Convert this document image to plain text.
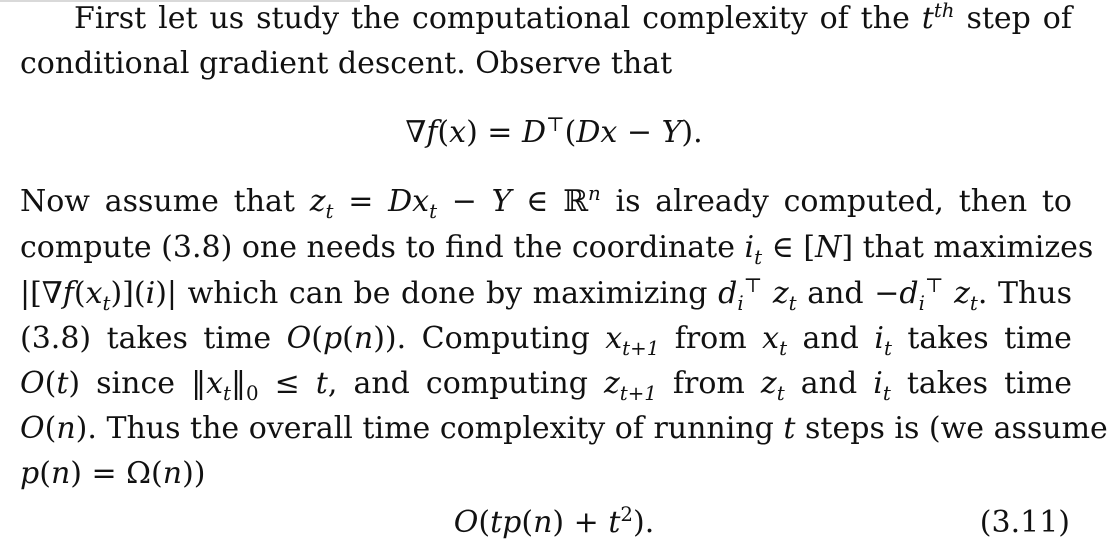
First let us study the computational complexity of the $t^{th}$ step of
conditional gradient descent. Observe that
∇f(x) = D⊤(Dx − Y).
Now assume that $z_t = Dx_t - Y$ ∈ ℝ$^n$ is already computed, then to
compute (3.8) one needs to find the coordinate $i_t$ ∈ [N] that maximizes
$|[\nabla f(x_t)](i)|$ which can be done by maximizing $d_i^⊤$ $z_t$ and $-d_i^⊤$ $z_t$. Thus
(3.8) takes time O(p(n)). Computing $x_{t+1}$ from $x_t$ and $i_t$ takes time
O(t) since $‖x_t‖_0 \le t$, and computing $z_{t+1}$ from $z_t$ and $i_t$ takes time
O(n). Thus the overall time complexity of running t steps is (we assume
p(n) = Ω(n))
$O(tp(n) + t^2)$.	(3.11)
